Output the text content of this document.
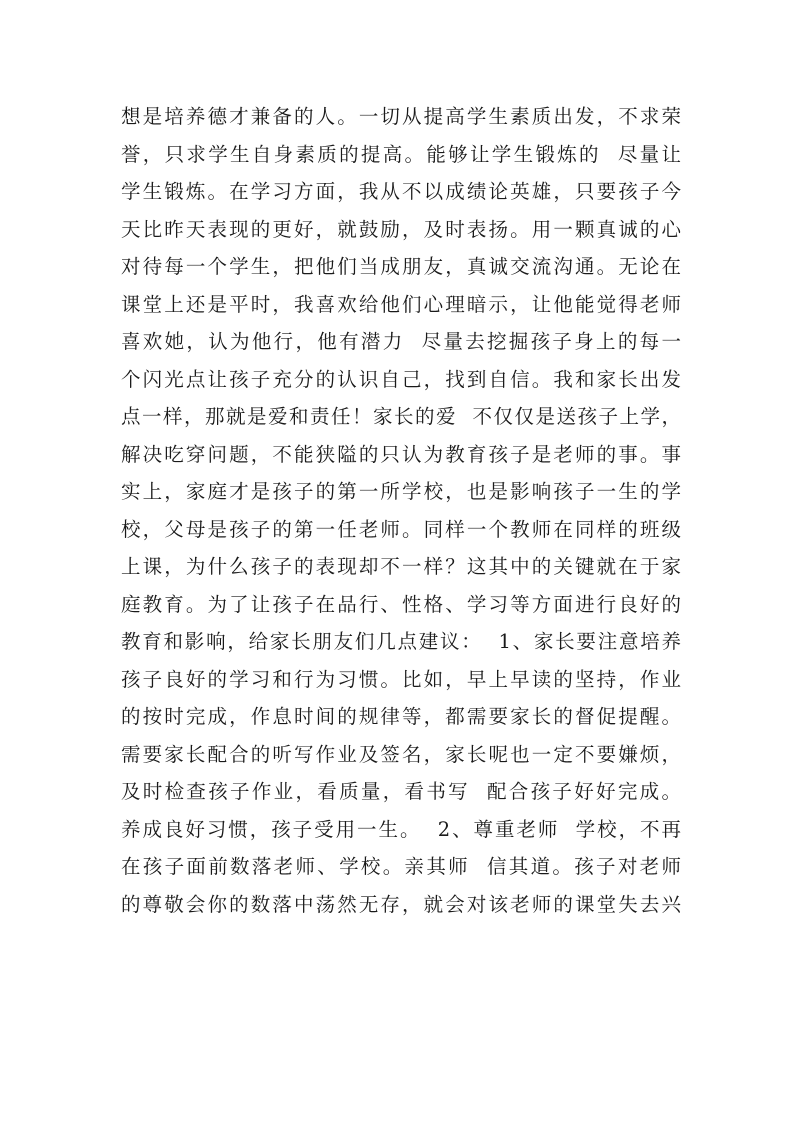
想是培养德才兼备的人。一切从提高学生素质出发，不求荣
誉，只求学生自身素质的提高。能够让学生锻炼的  尽量让
学生锻炼。在学习方面，我从不以成绩论英雄，只要孩子今
天比昨天表现的更好，就鼓励，及时表扬。用一颗真诚的心
对待每一个学生，把他们当成朋友，真诚交流沟通。无论在
课堂上还是平时，我喜欢给他们心理暗示，让他能觉得老师
喜欢她，认为他行，他有潜力  尽量去挖掘孩子身上的每一
个闪光点让孩子充分的认识自己，找到自信。我和家长出发
点一样，那就是爱和责任！家长的爱  不仅仅是送孩子上学，
解决吃穿问题，不能狭隘的只认为教育孩子是老师的事。事
实上，家庭才是孩子的第一所学校，也是影响孩子一生的学
校，父母是孩子的第一任老师。同样一个教师在同样的班级
上课，为什么孩子的表现却不一样？这其中的关键就在于家
庭教育。为了让孩子在品行、性格、学习等方面进行良好的
教育和影响，给家长朋友们几点建议：  1、家长要注意培养
孩子良好的学习和行为习惯。比如，早上早读的坚持，作业
的按时完成，作息时间的规律等，都需要家长的督促提醒。
需要家长配合的听写作业及签名，家长呢也一定不要嫌烦，
及时检查孩子作业，看质量，看书写  配合孩子好好完成。
养成良好习惯，孩子受用一生。  2、尊重老师  学校，不再
在孩子面前数落老师、学校。亲其师  信其道。孩子对老师
的尊敬会你的数落中荡然无存，就会对该老师的课堂失去兴
